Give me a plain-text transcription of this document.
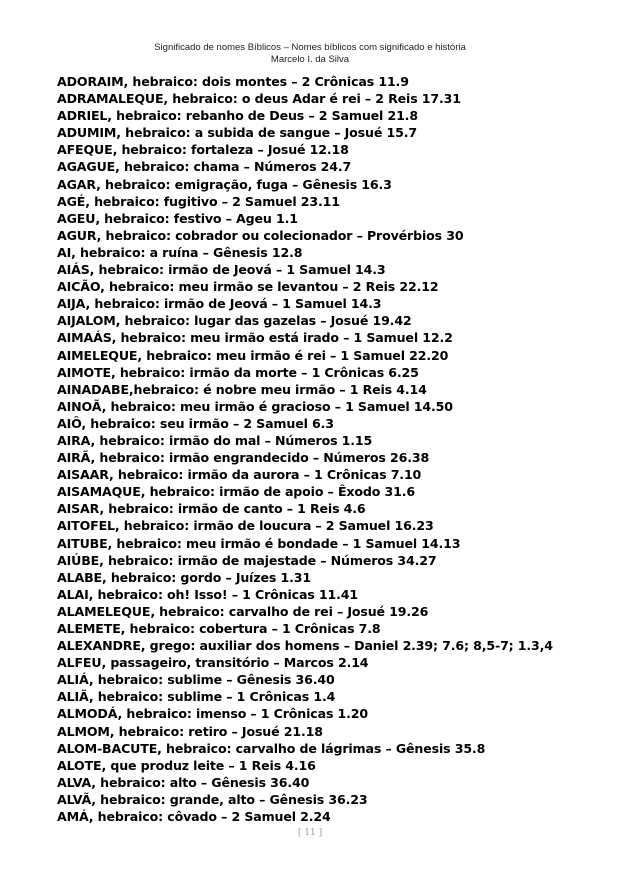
Significado de nomes Bíblicos – Nomes bíblicos com significado e história
Marcelo I. da Silva
ADORAIM, hebraico: dois montes – 2 Crônicas 11.9
ADRAMALEQUE, hebraico: o deus Adar é rei – 2 Reis 17.31
ADRIEL, hebraico: rebanho de Deus – 2 Samuel 21.8
ADUMIM, hebraico: a subida de sangue – Josué 15.7
AFEQUE, hebraico: fortaleza – Josué 12.18
AGAGUE, hebraico: chama – Números 24.7
AGAR, hebraico: emigração, fuga – Gênesis 16.3
AGÉ, hebraico: fugitivo – 2 Samuel 23.11
AGEU, hebraico: festivo – Ageu 1.1
AGUR, hebraico: cobrador ou colecionador – Provérbios 30
AI, hebraico: a ruína – Gênesis 12.8
AIÁS, hebraico: irmão de Jeová – 1 Samuel 14.3
AICÃO, hebraico: meu irmão se levantou – 2 Reis 22.12
AIJA, hebraico: irmão de Jeová – 1 Samuel 14.3
AIJALOM, hebraico: lugar das gazelas – Josué 19.42
AIMAÁS, hebraico: meu irmão está irado – 1 Samuel 12.2
AIMELEQUE, hebraico: meu irmão é rei – 1 Samuel 22.20
AIMOTE, hebraico: irmão da morte – 1 Crônicas 6.25
AINADABE,hebraico: é nobre meu irmão – 1 Reis 4.14
AINOÃ, hebraico: meu irmão é gracioso – 1 Samuel 14.50
AIÔ, hebraico: seu irmão – 2 Samuel 6.3
AIRA, hebraico: irmão do mal – Números 1.15
AIRÃ, hebraico: irmão engrandecido – Números 26.38
AISAAR, hebraico: irmão da aurora – 1 Crônicas 7.10
AISAMAQUE, hebraico: irmão de apoio – Êxodo 31.6
AISAR, hebraico: irmão de canto – 1 Reis 4.6
AITOFEL, hebraico: irmão de loucura – 2 Samuel 16.23
AITUBE, hebraico: meu irmão é bondade – 1 Samuel 14.13
AIÚBE, hebraico: irmão de majestade – Números 34.27
ALABE, hebraico: gordo – Juízes 1.31
ALAI, hebraico: oh! Isso! – 1 Crônicas 11.41
ALAMELEQUE, hebraico: carvalho de rei – Josué 19.26
ALEMETE, hebraico: cobertura – 1 Crônicas 7.8
ALEXANDRE, grego: auxiliar dos homens – Daniel 2.39; 7.6; 8,5-7; 1.3,4
ALFEU, passageiro, transitório – Marcos 2.14
ALIÁ, hebraico: sublime – Gênesis 36.40
ALIÃ, hebraico: sublime – 1 Crônicas 1.4
ALMODÁ, hebraico: imenso – 1 Crônicas 1.20
ALMOM, hebraico: retiro – Josué 21.18
ALOM-BACUTE, hebraico: carvalho de lágrimas – Gênesis 35.8
ALOTE, que produz leite – 1 Reis 4.16
ALVA, hebraico: alto – Gênesis 36.40
ALVÃ, hebraico: grande, alto – Gênesis 36.23
AMÁ, hebraico: côvado – 2 Samuel 2.24
[ 11 ]
